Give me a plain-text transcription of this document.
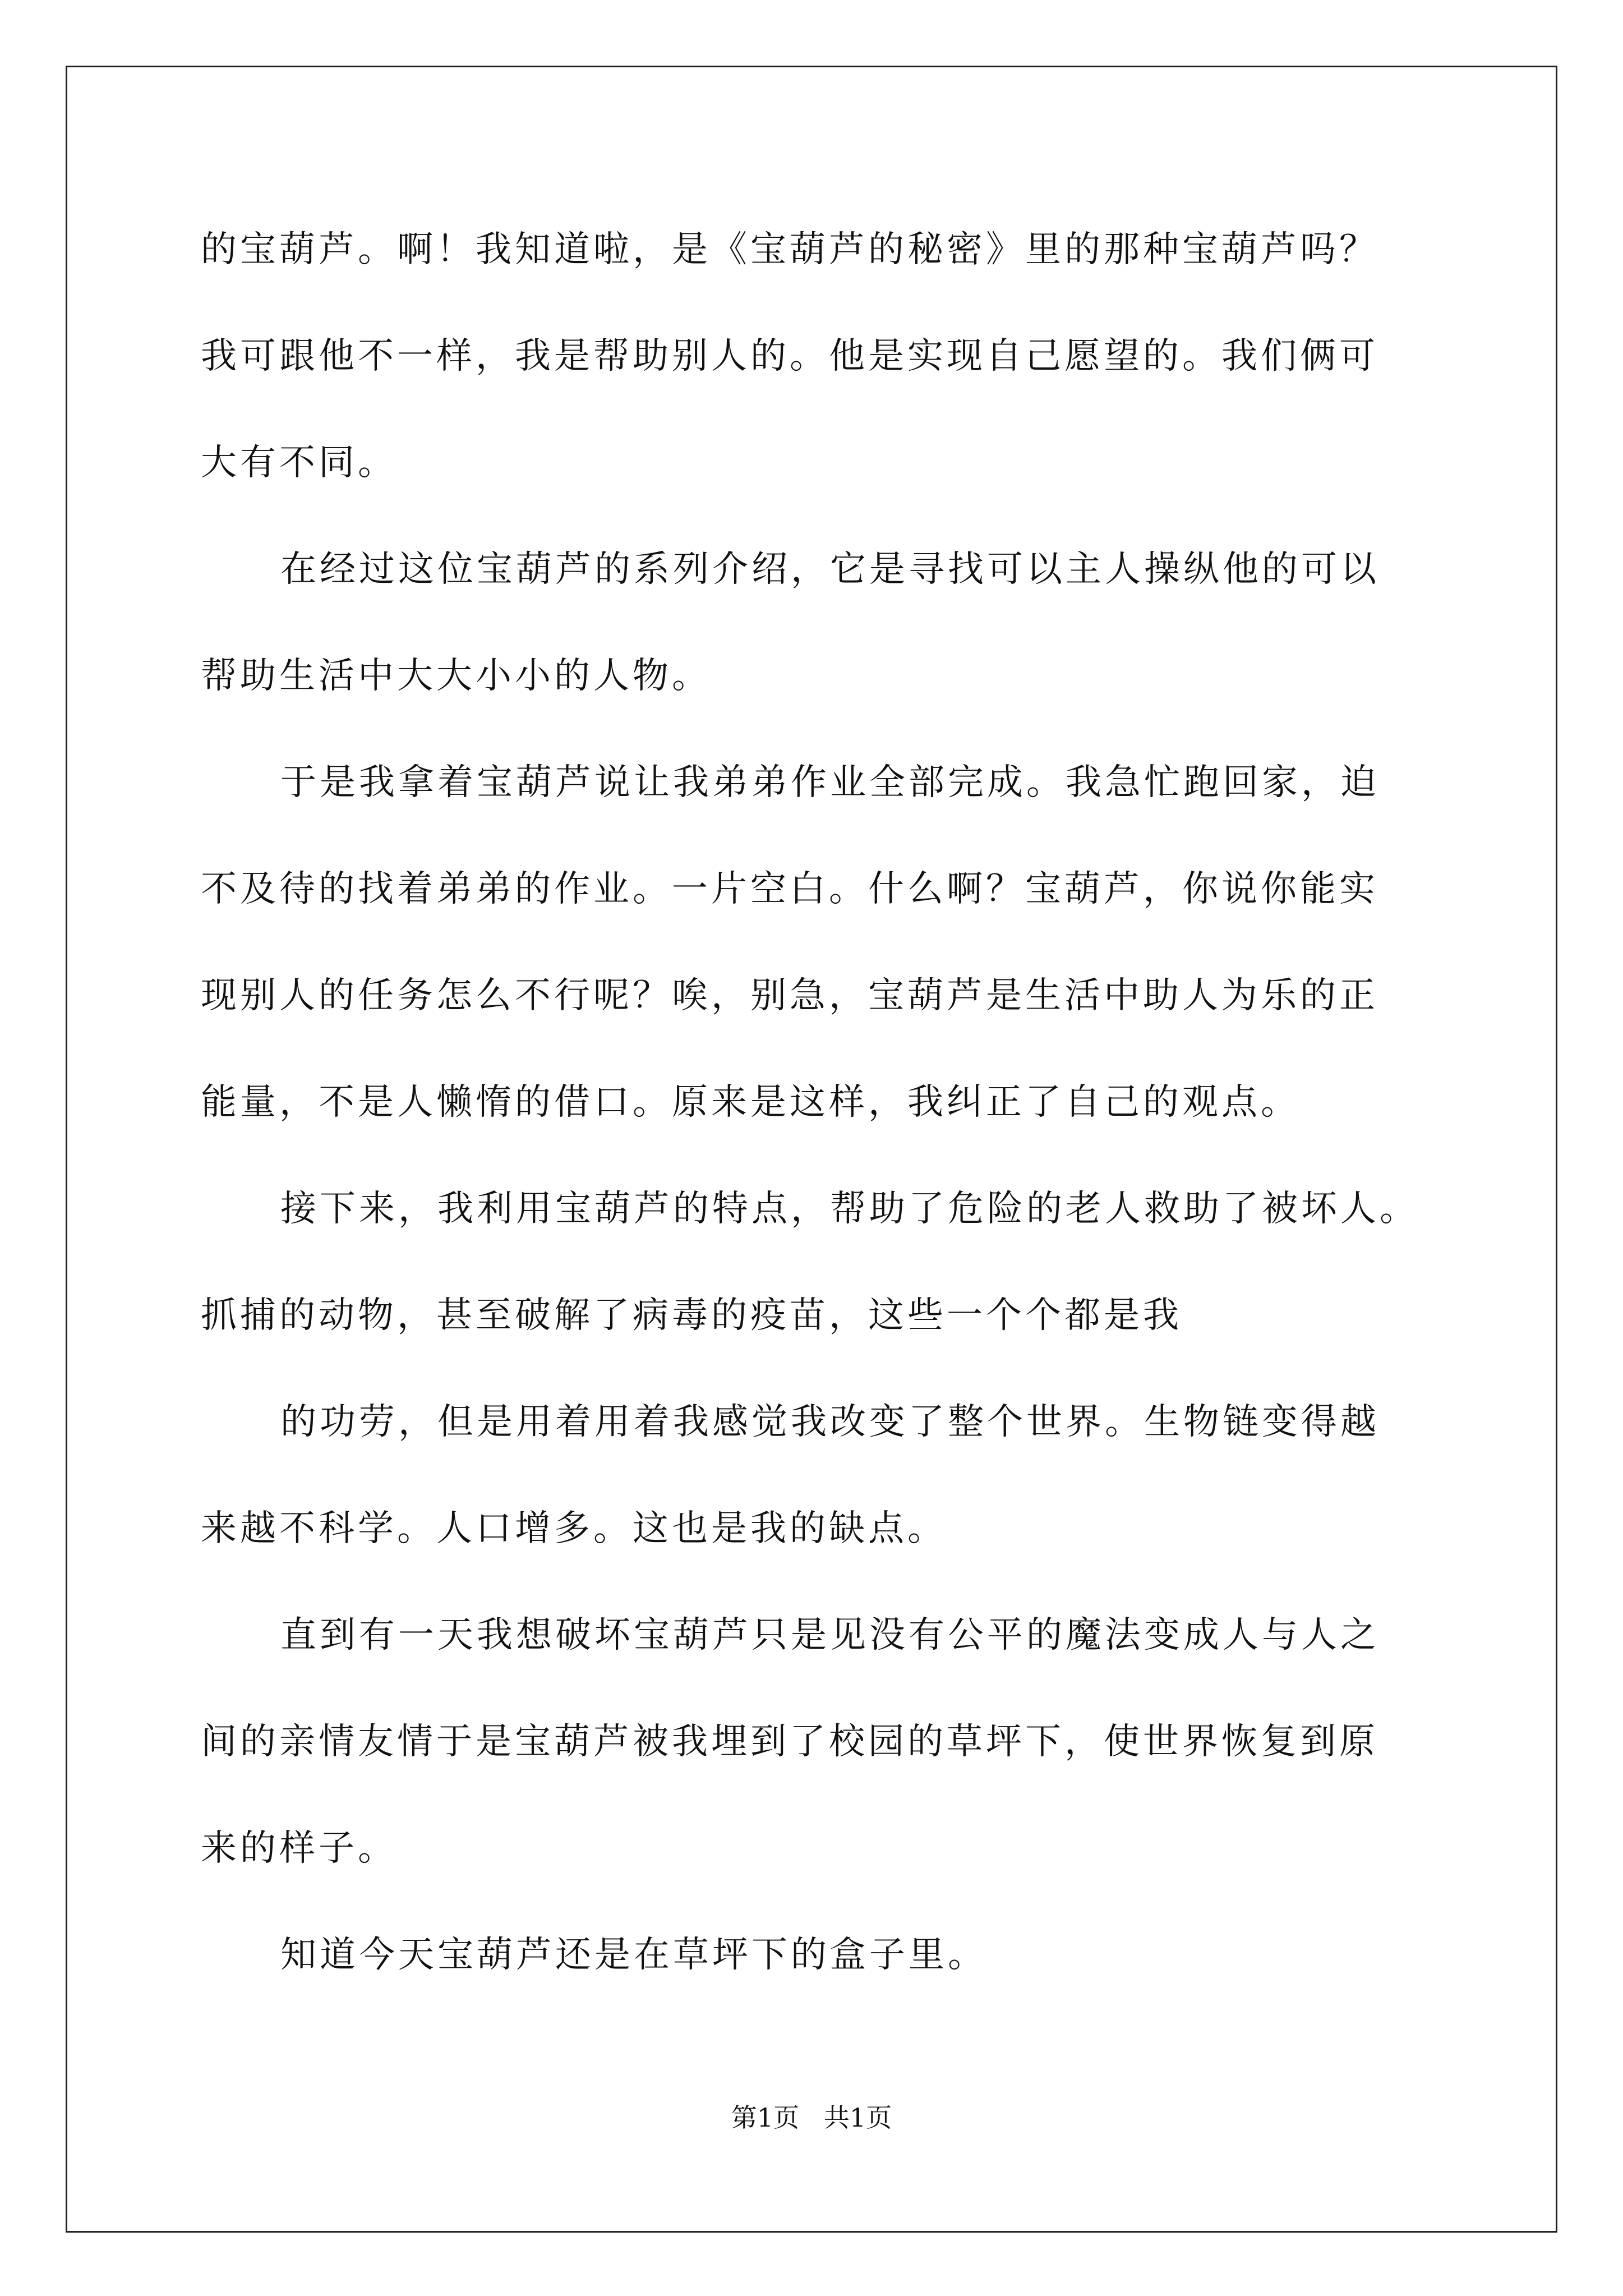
的宝葫芦。啊！我知道啦，是《宝葫芦的秘密》里的那种宝葫芦吗？
我可跟他不一样，我是帮助别人的。他是实现自己愿望的。我们俩可
大有不同。
在经过这位宝葫芦的系列介绍，它是寻找可以主人操纵他的可以
帮助生活中大大小小的人物。
于是我拿着宝葫芦说让我弟弟作业全部完成。我急忙跑回家，迫
不及待的找着弟弟的作业。一片空白。什么啊？宝葫芦，你说你能实
现别人的任务怎么不行呢？唉，别急，宝葫芦是生活中助人为乐的正
能量，不是人懒惰的借口。原来是这样，我纠正了自己的观点。
接下来，我利用宝葫芦的特点，帮助了危险的老人救助了被坏人。
抓捕的动物，甚至破解了病毒的疫苗，这些一个个都是我
的功劳，但是用着用着我感觉我改变了整个世界。生物链变得越
来越不科学。人口增多。这也是我的缺点。
直到有一天我想破坏宝葫芦只是见没有公平的魔法变成人与人之
间的亲情友情于是宝葫芦被我埋到了校园的草坪下，使世界恢复到原
来的样子。
知道今天宝葫芦还是在草坪下的盒子里。
第1页   共1页
